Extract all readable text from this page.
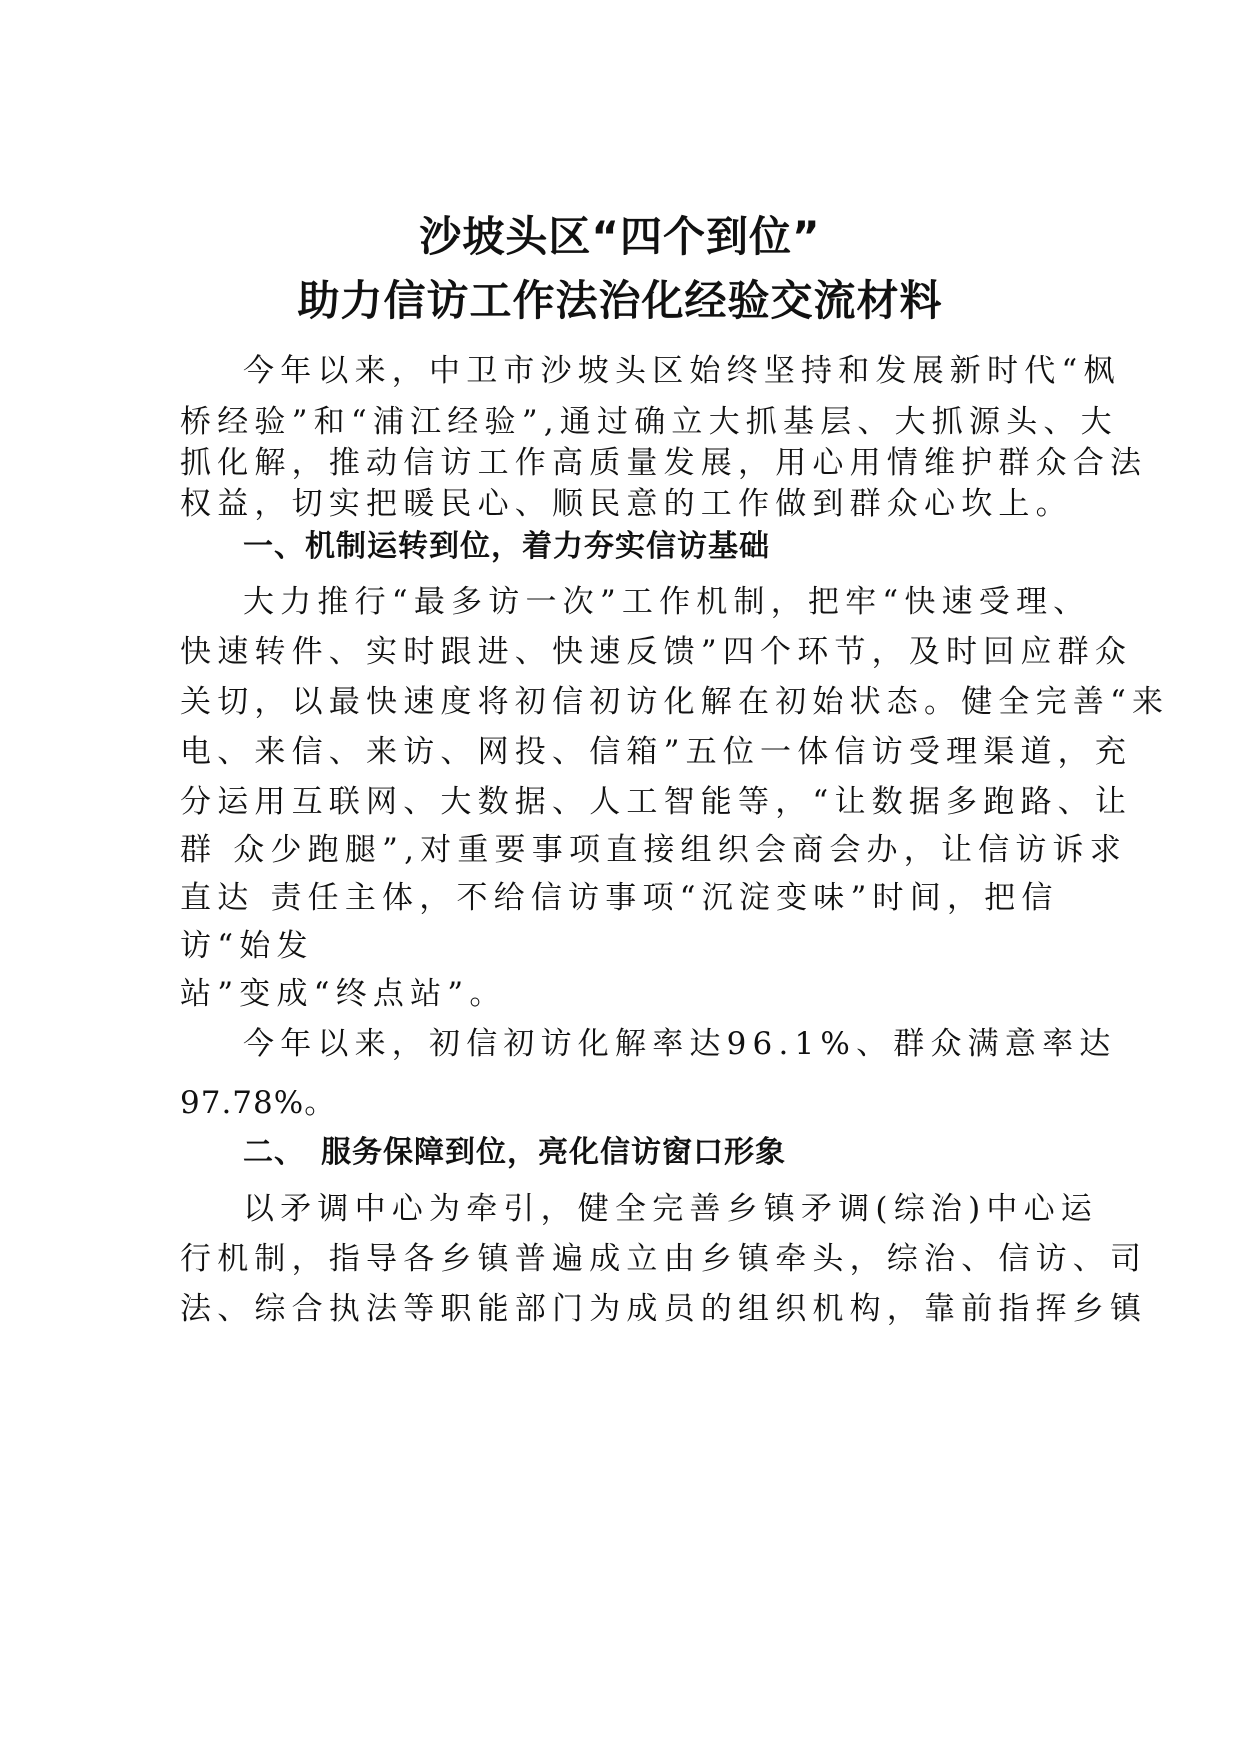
沙坡头区“四个到位”
助力信访工作法治化经验交流材料
今年以来，中卫市沙坡头区始终坚持和发展新时代“枫
桥经验”和“浦江经验”,通过确立大抓基层、大抓源头、大
抓化解，推动信访工作高质量发展，用心用情维护群众合法
权益，切实把暖民心、顺民意的工作做到群众心坎上。
一、机制运转到位，着力夯实信访基础
大力推行“最多访一次”工作机制，把牢“快速受理、
快速转件、实时跟进、快速反馈”四个环节，及时回应群众
关切，以最快速度将初信初访化解在初始状态。健全完善“来
电、来信、来访、网投、信箱”五位一体信访受理渠道，充
分运用互联网、大数据、人工智能等，“让数据多跑路、让
群 众少跑腿”,对重要事项直接组织会商会办，让信访诉求
直达 责任主体，不给信访事项“沉淀变味”时间，把信
访“始发
站”变成“终点站”。
今年以来，初信初访化解率达96.1%、群众满意率达
97.78%。
二、　服务保障到位，亮化信访窗口形象
以矛调中心为牵引，健全完善乡镇矛调(综治)中心运
行机制，指导各乡镇普遍成立由乡镇牵头，综治、信访、司
法、综合执法等职能部门为成员的组织机构，靠前指挥乡镇
